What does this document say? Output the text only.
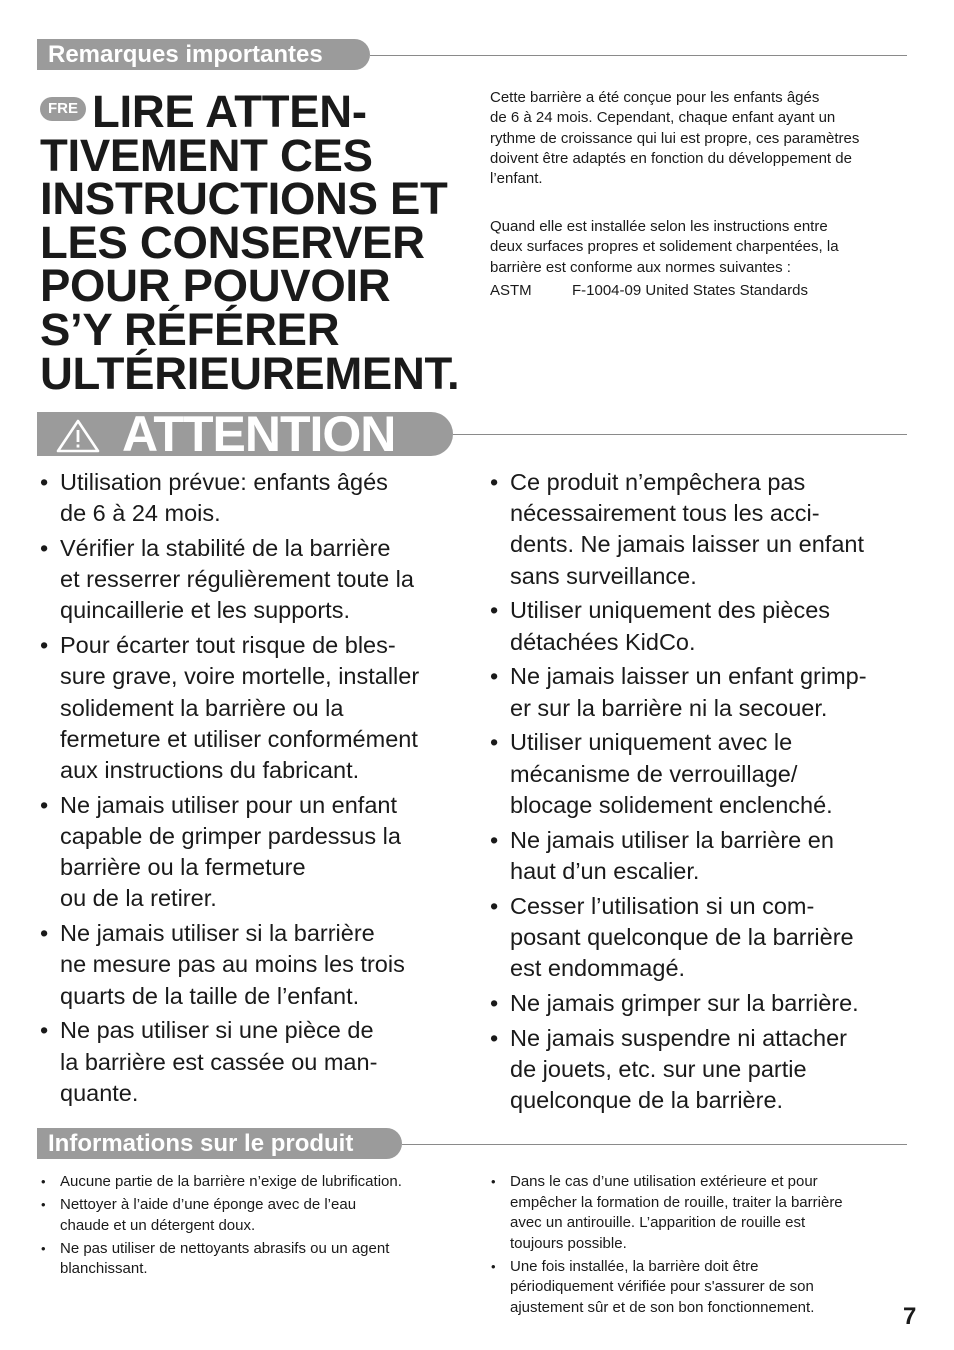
Remarques importantes
FRE LIRE ATTEN-
TIVEMENT CES
INSTRUCTIONS ET
LES CONSERVER
POUR POUVOIR
S’Y RÉFÉRER
ULTÉRIEUREMENT.
Cette barrière a été conçue pour les enfants âgés
de 6 à 24 mois. Cependant, chaque enfant ayant un
rythme de croissance qui lui est propre, ces paramètres
doivent être adaptés en fonction du développement de
l’enfant.
Quand elle est installée selon les instructions entre
deux surfaces propres et solidement charpentées, la
barrière est conforme aux normes suivantes :
ASTM	F-1004-09 United States Standards
ATTENTION
• Utilisation prévue: enfants âgés
de 6 à 24 mois.
• Vérifier la stabilité de la barrière
et resserrer régulièrement toute la
quincaillerie et les supports.
• Pour écarter tout risque de bles-
sure grave, voire mortelle, installer
solidement la barrière ou la
fermeture et utiliser conformément
aux instructions du fabricant.
• Ne jamais utiliser pour un enfant
capable de grimper pardessus la
barrière ou la fermeture
ou de la retirer.
• Ne jamais utiliser si la barrière
ne mesure pas au moins les trois
quarts de la taille de l’enfant.
• Ne pas utiliser si une pièce de
la barrière est cassée ou man-
quante.
• Ce produit n’empêchera pas
nécessairement tous les acci-
dents. Ne jamais laisser un enfant
sans surveillance.
• Utiliser uniquement des pièces
détachées KidCo.
• Ne jamais laisser un enfant grimp-
er sur la barrière ni la secouer.
• Utiliser uniquement avec le
mécanisme de verrouillage/
blocage solidement enclenché.
• Ne jamais utiliser la barrière en
haut d’un escalier.
• Cesser l’utilisation si un com-
posant quelconque de la barrière
est endommagé.
• Ne jamais grimper sur la barrière.
• Ne jamais suspendre ni attacher
de jouets, etc. sur une partie
quelconque de la barrière.
Informations sur le produit
• Aucune partie de la barrière n’exige de lubrification.
• Nettoyer à l’aide d’une éponge avec de l’eau
chaude et un détergent doux.
• Ne pas utiliser de nettoyants abrasifs ou un agent
blanchissant.
• Dans le cas d’une utilisation extérieure et pour
empêcher la formation de rouille, traiter la barrière
avec un antirouille. L’apparition de rouille est
toujours possible.
• Une fois installée, la barrière doit être
périodiquement vérifiée pour s'assurer de son
ajustement sûr et de son bon fonctionnement.	7
